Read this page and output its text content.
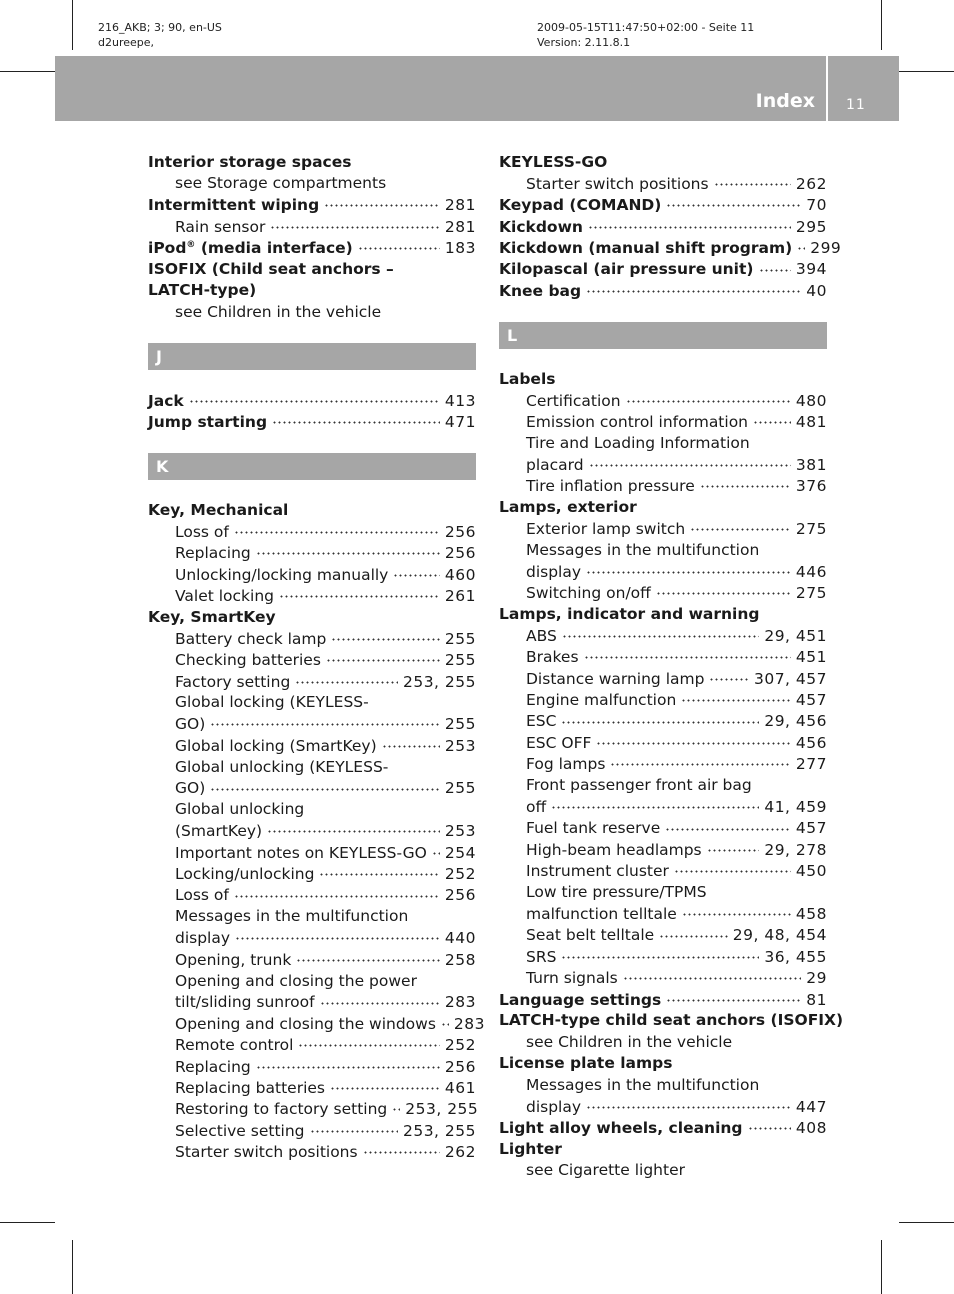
216_AKB; 3; 90, en-US
d2ureepe,
2009-05-15T11:47:50+02:00 - Seite 11
Version: 2.11.8.1
Index 11
Interior storage spaces
see Storage compartments
Intermittent wiping	281
Rain sensor	281
iPod® (media interface)	183
ISOFIX (Child seat anchors –
LATCH-type)
see Children in the vehicle
J
Jack	413
Jump starting	471
K
Key, Mechanical
Loss of	256
Replacing	256
Unlocking/locking manually	460
Valet locking	261
Key, SmartKey
Battery check lamp	255
Checking batteries	255
Factory setting	253, 255
Global locking (KEYLESS-
GO)	255
Global locking (SmartKey)	253
Global unlocking (KEYLESS-
GO)	255
Global unlocking
(SmartKey)	253
Important notes on KEYLESS-GO 254
Locking/unlocking	252
Loss of	256
Messages in the multifunction
display	440
Opening, trunk	258
Opening and closing the power
tilt/sliding sunroof	283
Opening and closing the windows 283
Remote control	252
Replacing	256
Replacing batteries	461
Restoring to factory setting 253, 255
Selective setting	253, 255
Starter switch positions	262
KEYLESS-GO
Starter switch positions	262
Keypad (COMAND)	70
Kickdown	295
Kickdown (manual shift program) 299
Kilopascal (air pressure unit)	394
Knee bag	40
L
Labels
Certification	480
Emission control information	481
Tire and Loading Information
placard	381
Tire inflation pressure	376
Lamps, exterior
Exterior lamp switch	275
Messages in the multifunction
display	446
Switching on/off	275
Lamps, indicator and warning
ABS	29, 451
Brakes	451
Distance warning lamp	307, 457
Engine malfunction	457
ESC	29, 456
ESC OFF	456
Fog lamps	277
Front passenger front air bag
off	41, 459
Fuel tank reserve	457
High-beam headlamps	29, 278
Instrument cluster	450
Low tire pressure/TPMS
malfunction telltale	458
Seat belt telltale	29, 48, 454
SRS	36, 455
Turn signals	29
Language settings	81
LATCH-type child seat anchors (ISOFIX)
see Children in the vehicle
License plate lamps
Messages in the multifunction
display	447
Light alloy wheels, cleaning	408
Lighter
see Cigarette lighter
